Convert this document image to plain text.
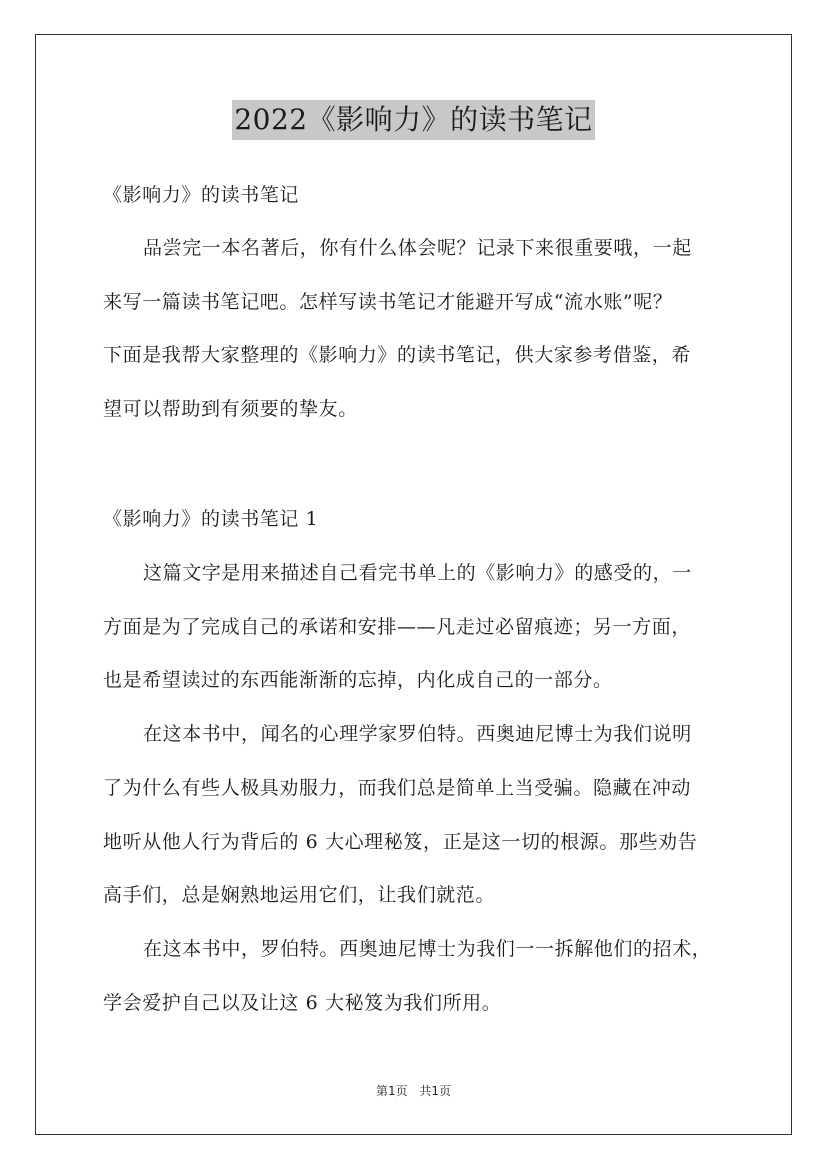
2022《影响力》的读书笔记
《影响力》的读书笔记
品尝完一本名著后，你有什么体会呢？记录下来很重要哦，一起
来写一篇读书笔记吧。怎样写读书笔记才能避开写成“流水账”呢？
下面是我帮大家整理的《影响力》的读书笔记，供大家参考借鉴，希
望可以帮助到有须要的挚友。
《影响力》的读书笔记 1
这篇文字是用来描述自己看完书单上的《影响力》的感受的，一
方面是为了完成自己的承诺和安排——凡走过必留痕迹；另一方面，
也是希望读过的东西能渐渐的忘掉，内化成自己的一部分。
在这本书中，闻名的心理学家罗伯特。西奥迪尼博士为我们说明
了为什么有些人极具劝服力，而我们总是简单上当受骗。隐藏在冲动
地听从他人行为背后的 6 大心理秘笈，正是这一切的根源。那些劝告
高手们，总是娴熟地运用它们，让我们就范。
在这本书中，罗伯特。西奥迪尼博士为我们一一拆解他们的招术，
学会爱护自己以及让这 6 大秘笈为我们所用。
第1页 共1页
